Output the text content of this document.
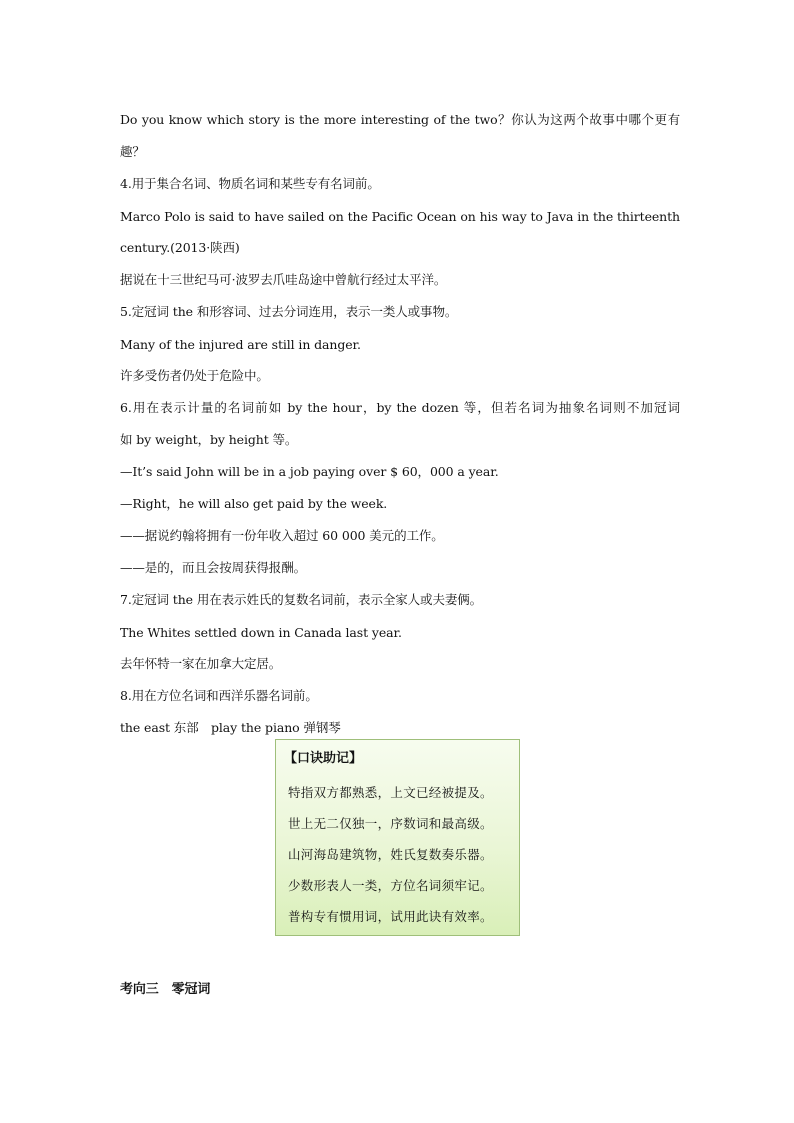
Do you know which story is the more interesting of the two？你认为这两个故事中哪个更有
趣？
4.用于集合名词、物质名词和某些专有名词前。
Marco Polo is said to have sailed on the Pacific Ocean on his way to Java in the thirteenth
century.(2013·陕西)
据说在十三世纪马可·波罗去爪哇岛途中曾航行经过太平洋。
5.定冠词 the 和形容词、过去分词连用，表示一类人或事物。
Many of the injured are still in danger.
许多受伤者仍处于危险中。
6.用在表示计量的名词前如 by the hour，by the dozen 等，但若名词为抽象名词则不加冠词
如 by weight，by height 等。
—It’s said John will be in a job paying over $ 60，000 a year.
—Right，he will also get paid by the week.
——据说约翰将拥有一份年收入超过 60 000 美元的工作。
——是的，而且会按周获得报酬。
7.定冠词 the 用在表示姓氏的复数名词前，表示全家人或夫妻俩。
The Whites settled down in Canada last year.
去年怀特一家在加拿大定居。
8.用在方位名词和西洋乐器名词前。
the east 东部　play the piano 弹钢琴
【口诀助记】
特指双方都熟悉，上文已经被提及。
世上无二仅独一，序数词和最高级。
山河海岛建筑物，姓氏复数奏乐器。
少数形表人一类，方位名词须牢记。
普构专有惯用词，试用此诀有效率。
考向三　零冠词
